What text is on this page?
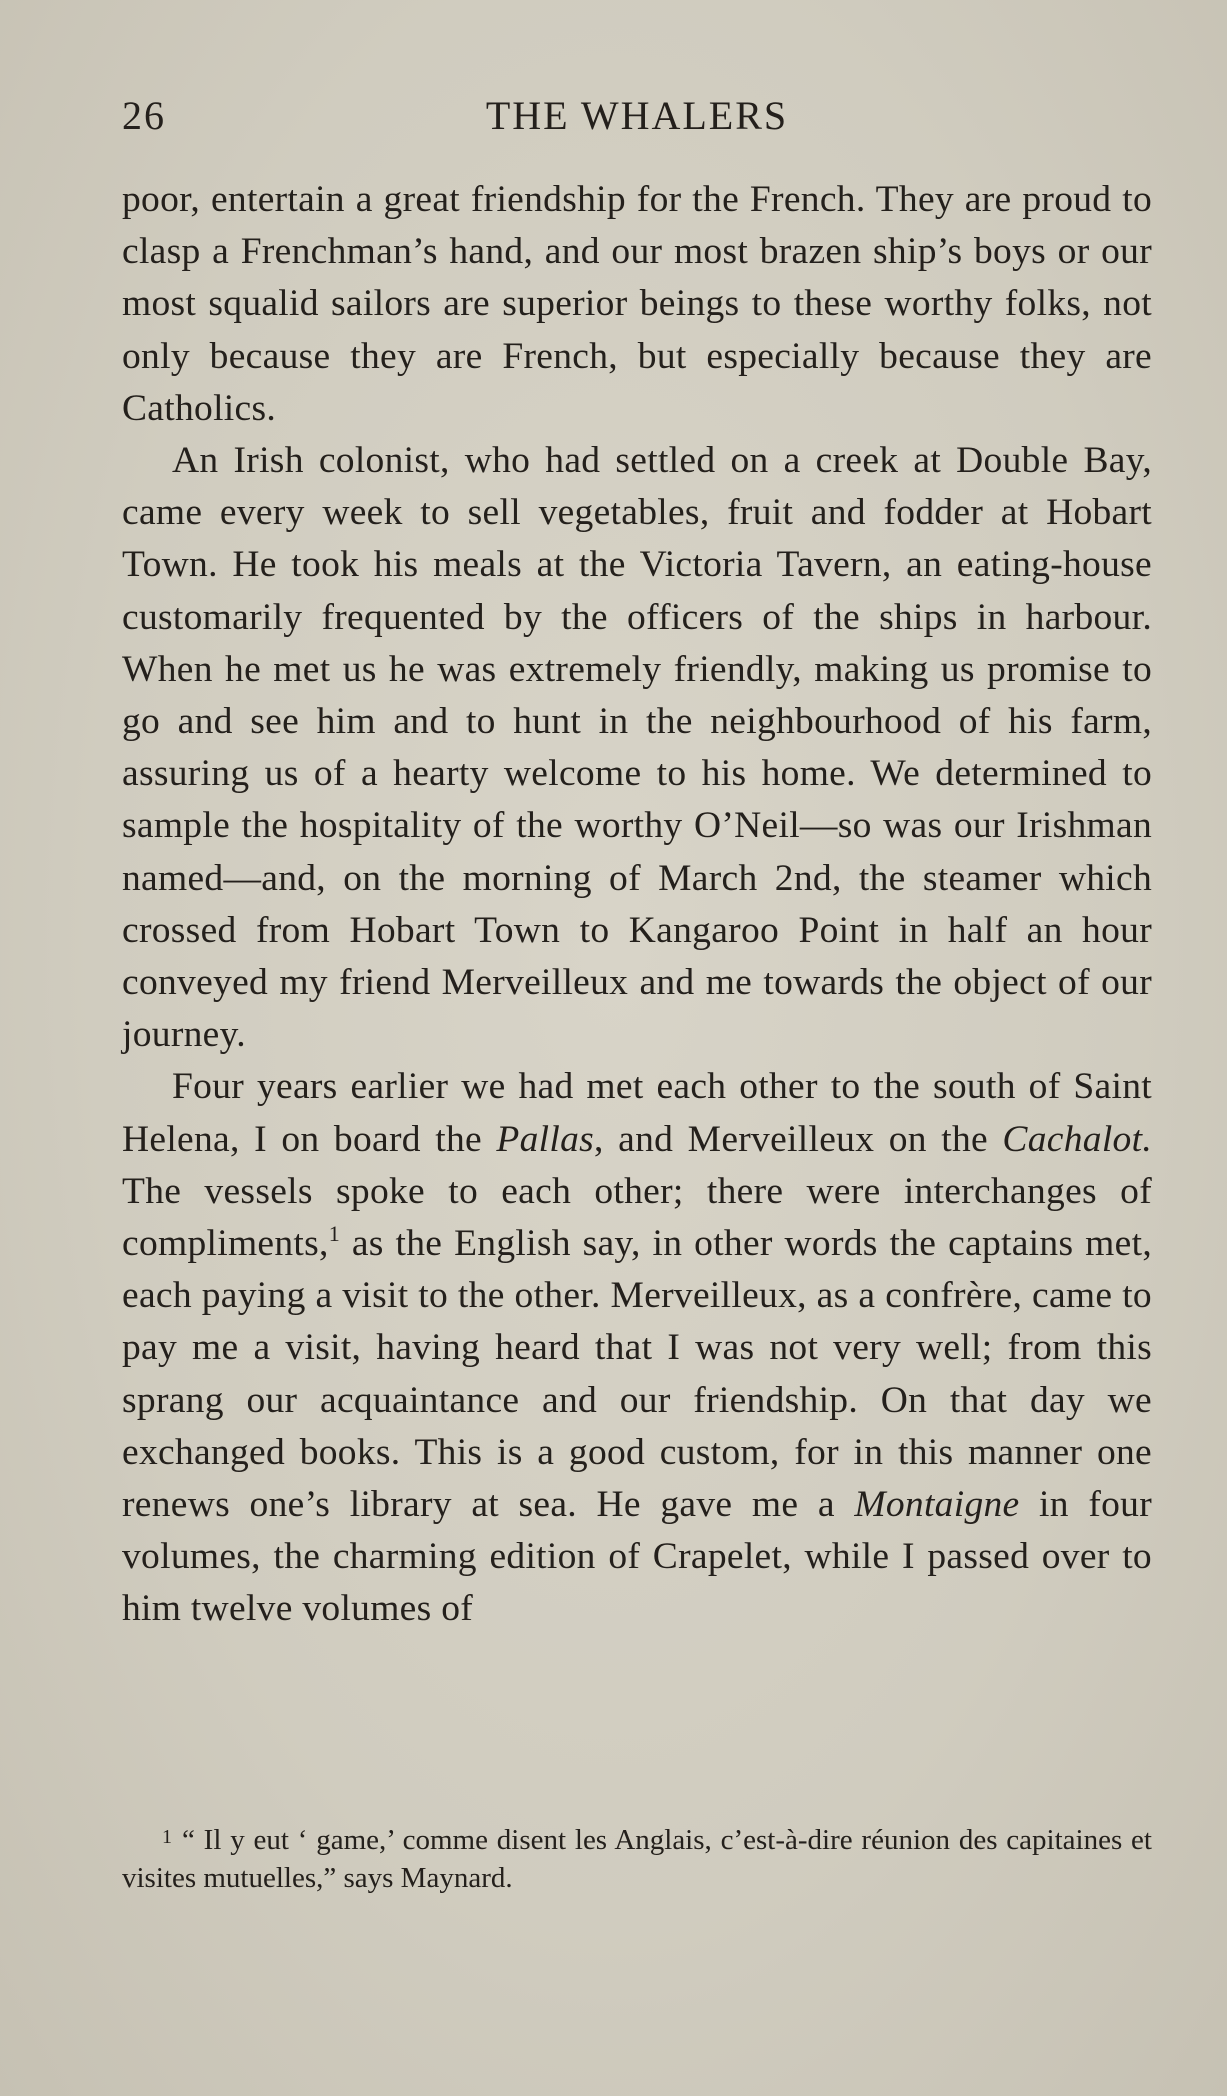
26	THE WHALERS

poor, entertain a great friendship for the French. They are proud to clasp a Frenchman’s hand, and our most brazen ship’s boys or our most squalid sailors are superior beings to these worthy folks, not only because they are French, but especially because they are Catholics.

An Irish colonist, who had settled on a creek at Double Bay, came every week to sell vegetables, fruit and fodder at Hobart Town. He took his meals at the Victoria Tavern, an eating-house customarily frequented by the officers of the ships in harbour. When he met us he was extremely friendly, making us promise to go and see him and to hunt in the neighbourhood of his farm, assuring us of a hearty welcome to his home. We determined to sample the hospitality of the worthy O’Neil—so was our Irishman named—and, on the morning of March 2nd, the steamer which crossed from Hobart Town to Kangaroo Point in half an hour conveyed my friend Merveilleux and me towards the object of our journey.

Four years earlier we had met each other to the south of Saint Helena, I on board the Pallas, and Merveilleux on the Cachalot. The vessels spoke to each other; there were interchanges of compliments,$^1$ as the English say, in other words the captains met, each paying a visit to the other. Merveilleux, as a confrère, came to pay me a visit, having heard that I was not very well; from this sprang our acquaintance and our friendship. On that day we exchanged books. This is a good custom, for in this manner one renews one’s library at sea. He gave me a Montaigne in four volumes, the charming edition of Crapelet, while I passed over to him twelve volumes of

$^1$ “ Il y eut ‘ game,’ comme disent les Anglais, c’est-à-dire réunion des capitaines et visites mutuelles,” says Maynard.
